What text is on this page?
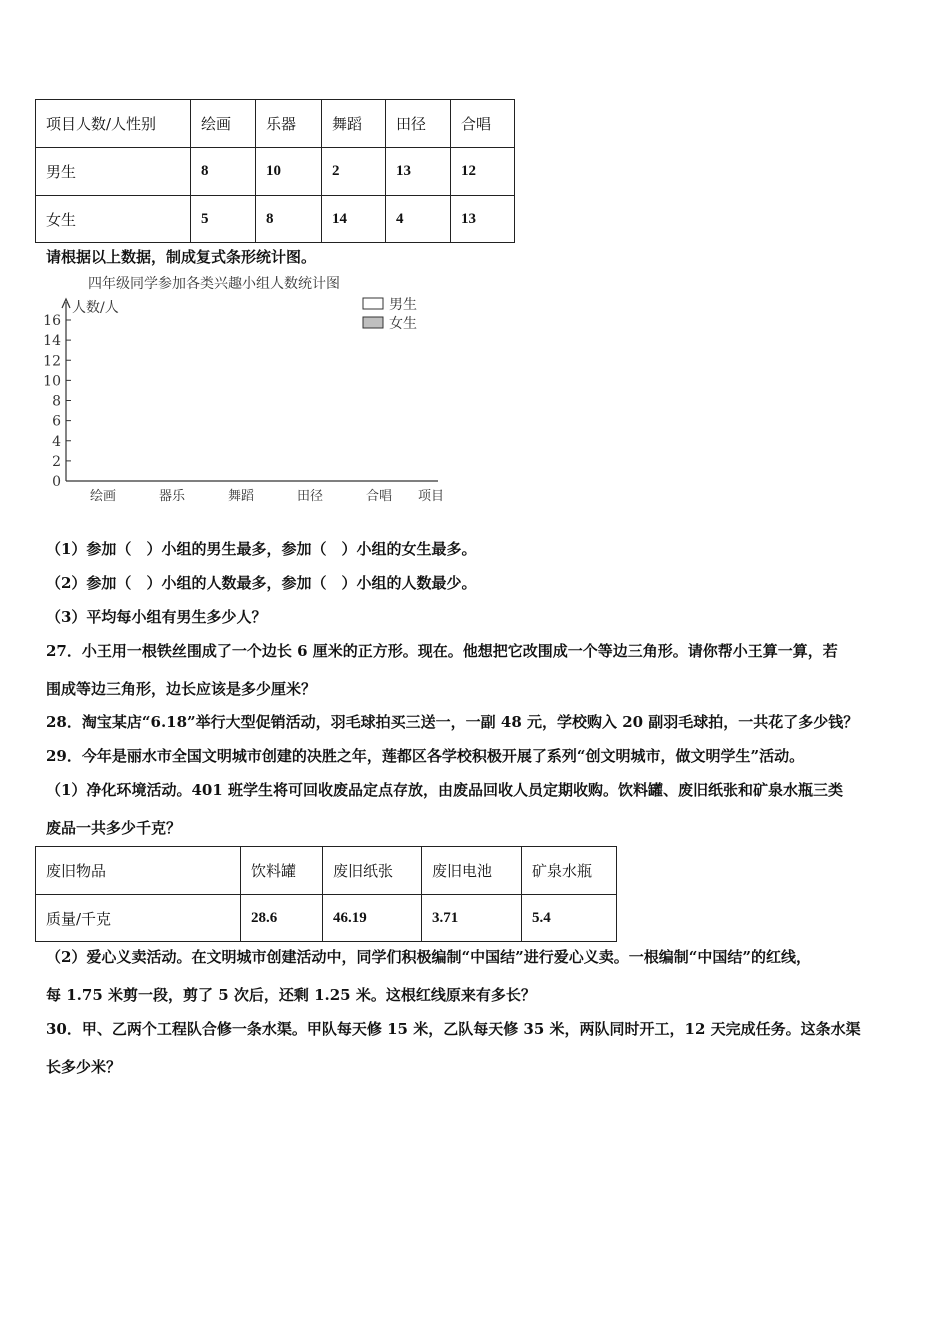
项目人数/人性别	绘画	乐器	舞蹈	田径	合唱
男生	8	10	2	13	12
女生	5	8	14	4	13
请根据以上数据，制成复式条形统计图。
四年级同学参加各类兴趣小组人数统计图
人数/人	男生
女生
0
2
4
6
8
10
12
14
16
绘画	器乐	舞蹈	田径	合唱 项目
（1）参加（　）小组的男生最多，参加（　）小组的女生最多。
（2）参加（　）小组的人数最多，参加（　）小组的人数最少。
（3）平均每小组有男生多少人？
27．小王用一根铁丝围成了一个边长 6 厘米的正方形。现在。他想把它改围成一个等边三角形。请你帮小王算一算，若
围成等边三角形，边长应该是多少厘米？
28．淘宝某店“6.18”举行大型促销活动，羽毛球拍买三送一，一副 48 元，学校购入 20 副羽毛球拍，一共花了多少钱？
29．今年是丽水市全国文明城市创建的决胜之年，莲都区各学校积极开展了系列“创文明城市，做文明学生”活动。
（1）净化环境活动。401 班学生将可回收废品定点存放，由废品回收人员定期收购。饮料罐、废旧纸张和矿泉水瓶三类
废品一共多少千克？
废旧物品	饮料罐	废旧纸张	废旧电池	矿泉水瓶
质量/千克	28.6	46.19	3.71	5.4
（2）爱心义卖活动。在文明城市创建活动中，同学们积极编制“中国结”进行爱心义卖。一根编制“中国结”的红线，
每 1.75 米剪一段，剪了 5 次后，还剩 1.25 米。这根红线原来有多长？
30．甲、乙两个工程队合修一条水渠。甲队每天修 15 米，乙队每天修 35 米，两队同时开工，12 天完成任务。这条水渠
长多少米？
